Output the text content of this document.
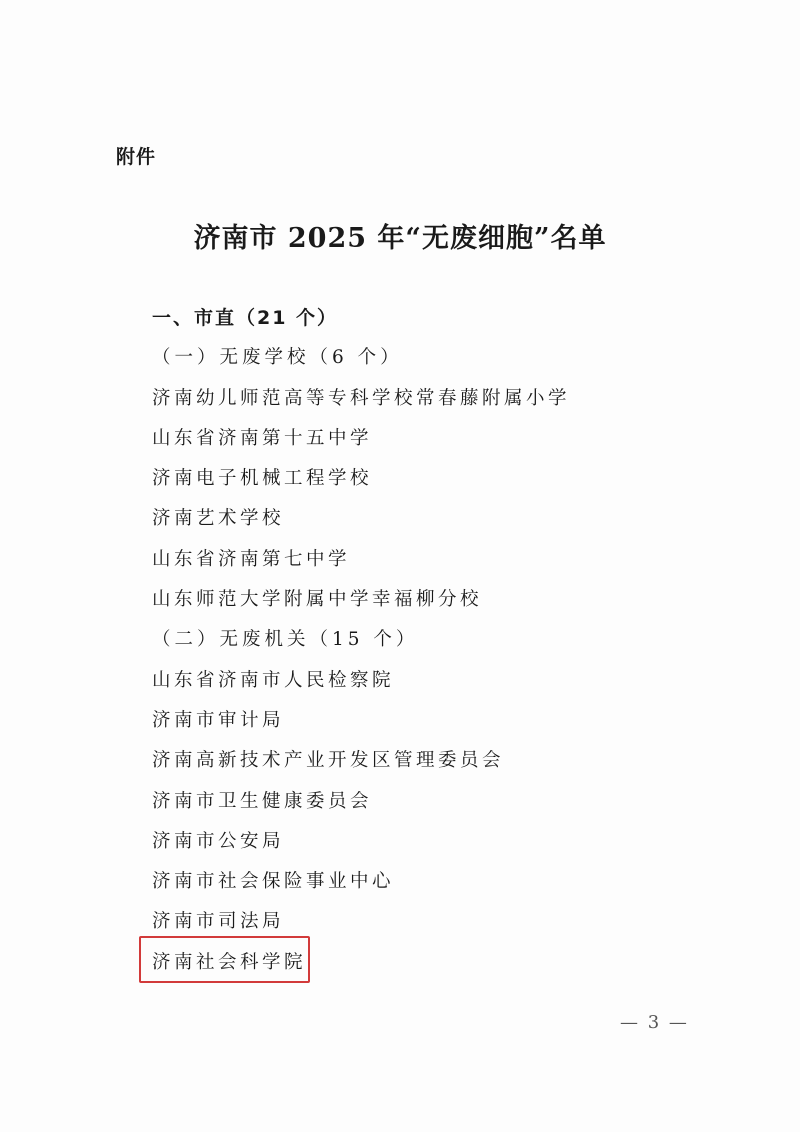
附件
济南市 2025 年“无废细胞”名单
一、市直（21 个）
（一）无废学校（6 个）
济南幼儿师范高等专科学校常春藤附属小学
山东省济南第十五中学
济南电子机械工程学校
济南艺术学校
山东省济南第七中学
山东师范大学附属中学幸福柳分校
（二）无废机关（15 个）
山东省济南市人民检察院
济南市审计局
济南高新技术产业开发区管理委员会
济南市卫生健康委员会
济南市公安局
济南市社会保险事业中心
济南市司法局
济南社会科学院
— 3 —
